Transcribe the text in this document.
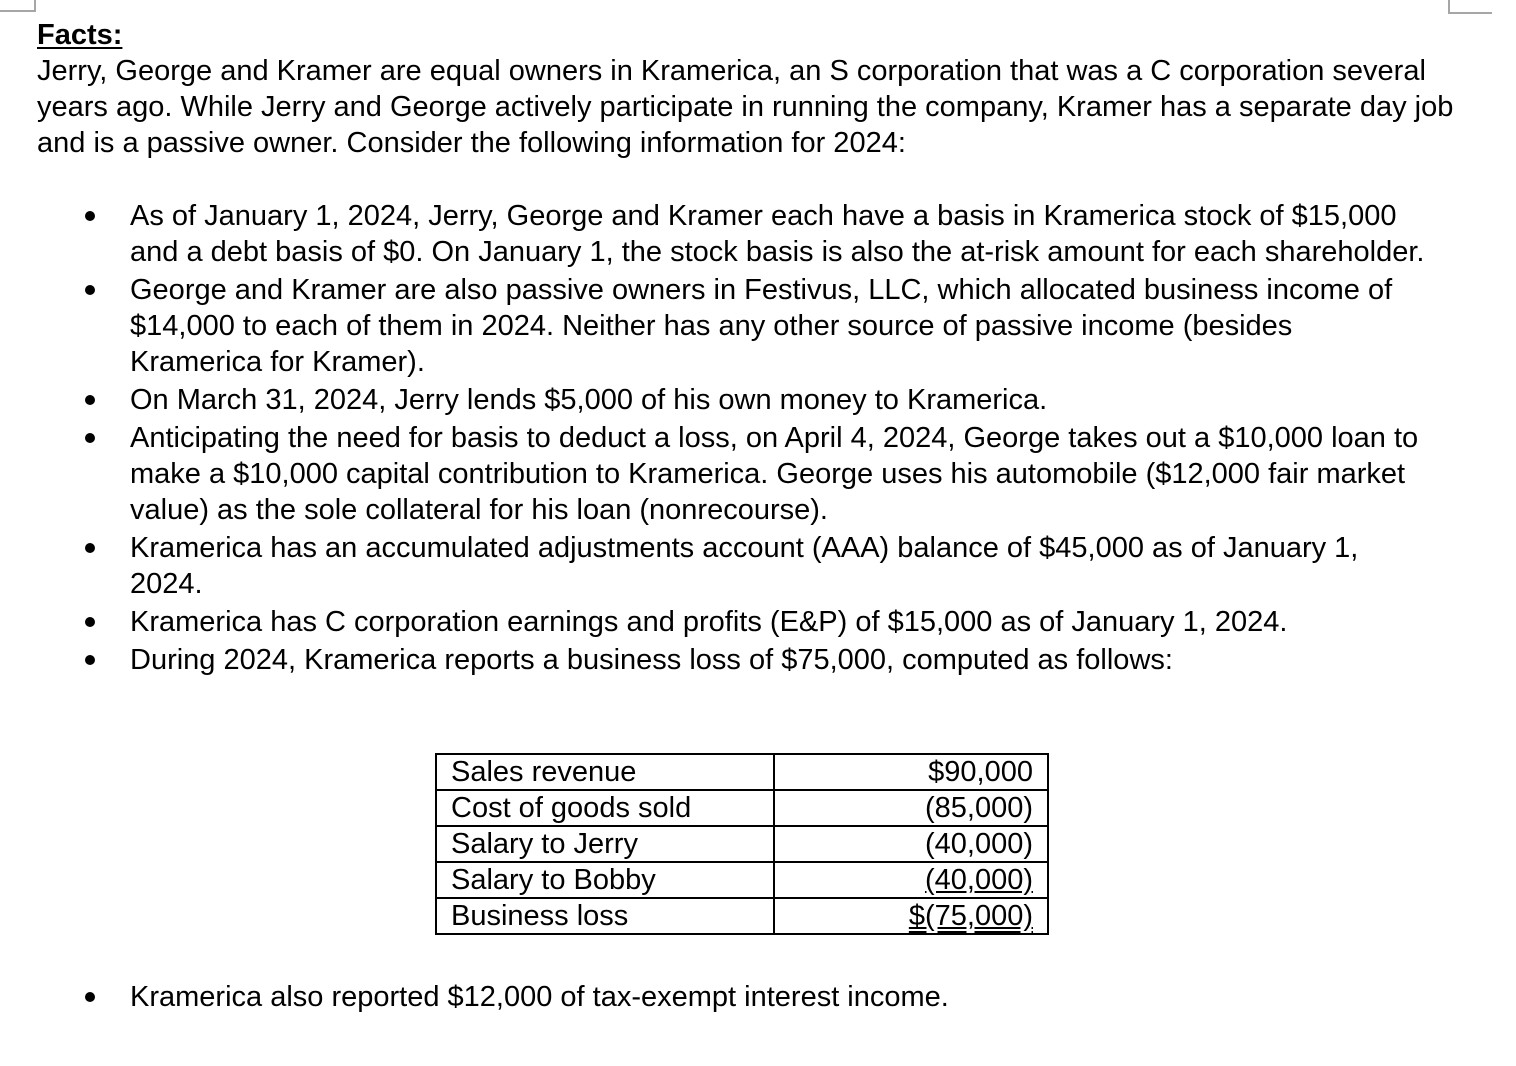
Facts:

Jerry, George and Kramer are equal owners in Kramerica, an S corporation that was a C corporation several years ago. While Jerry and George actively participate in running the company, Kramer has a separate day job and is a passive owner. Consider the following information for 2024:

As of January 1, 2024, Jerry, George and Kramer each have a basis in Kramerica stock of $15,000 and a debt basis of $0. On January 1, the stock basis is also the at-risk amount for each shareholder.
George and Kramer are also passive owners in Festivus, LLC, which allocated business income of $14,000 to each of them in 2024. Neither has any other source of passive income (besides Kramerica for Kramer).
On March 31, 2024, Jerry lends $5,000 of his own money to Kramerica.
Anticipating the need for basis to deduct a loss, on April 4, 2024, George takes out a $10,000 loan to make a $10,000 capital contribution to Kramerica. George uses his automobile ($12,000 fair market value) as the sole collateral for his loan (nonrecourse).
Kramerica has an accumulated adjustments account (AAA) balance of $45,000 as of January 1, 2024.
Kramerica has C corporation earnings and profits (E&P) of $15,000 as of January 1, 2024.
During 2024, Kramerica reports a business loss of $75,000, computed as follows:
Sales revenue	$90,000
Cost of goods sold	(85,000)
Salary to Jerry	(40,000)
Salary to Bobby	(40,000)
Business loss	$(75,000)
Kramerica also reported $12,000 of tax-exempt interest income.
